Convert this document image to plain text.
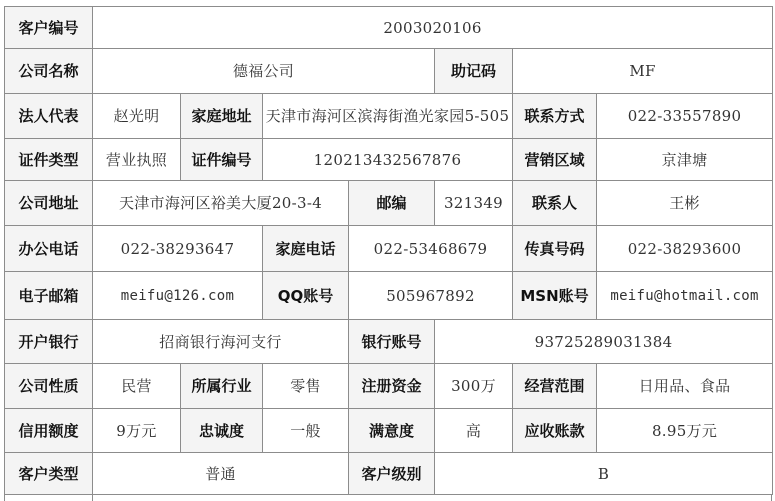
客户编号	2003020106						
公司名称	德福公司				助记码	MF	
法人代表	赵光明	家庭地址	天津市海河区滨海街渔光家园5-505			联系方式	022-33557890
证件类型	营业执照	证件编号	120213432567876			营销区域	京津塘
公司地址	天津市海河区裕美大厦20-3-4			邮编	321349	联系人	王彬
办公电话	022-38293647		家庭电话	022-53468679		传真号码	022-38293600
电子邮箱	meifu@126.com		QQ账号	505967892		MSN账号	meifu@hotmail.com
开户银行	招商银行海河支行			银行账号	93725289031384		
公司性质	民营	所属行业	零售	注册资金	300万	经营范围	日用品、食品
信用额度	9万元	忠诚度	一般	满意度	高	应收账款	8.95万元
客户类型	普通			客户级别	B		
